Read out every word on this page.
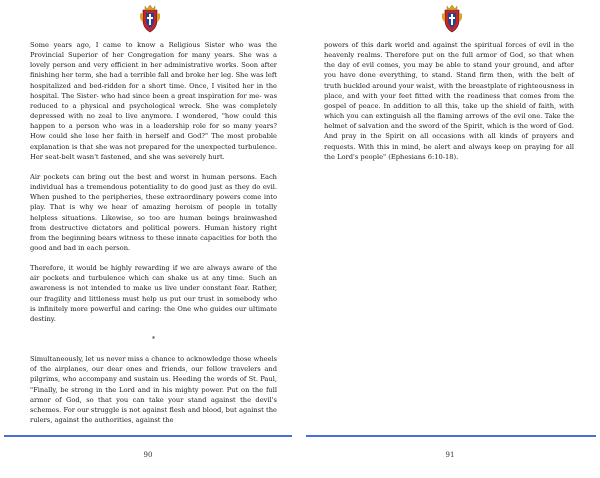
Some years ago, I came to know a Religious Sister who was the Provincial Superior of her Congregation for many years. She was a lovely person and very efficient in her administrative works. Soon after finishing her term, she had a terrible fall and broke her leg. She was left hospitalized and bed-ridden for a short time. Once, I visited her in the hospital. The Sister- who had since been a great inspiration for me- was reduced to a physical and psychological wreck. She was completely depressed with no zeal to live anymore. I wondered, "how could this happen to a person who was in a leadership role for so many years? How could she lose her faith in herself and God?" The most probable explanation is that she was not prepared for the unexpected turbulence. Her seat-belt wasn't fastened, and she was severely hurt.

Air pockets can bring out the best and worst in human persons. Each individual has a tremendous potentiality to do good just as they do evil. When pushed to the peripheries, these extraordinary powers come into play. That is why we hear of amazing heroism of people in totally helpless situations. Likewise, so too are human beings brainwashed from destructive dictators and political powers. Human history right from the beginning bears witness to these innate capacities for both the good and bad in each person.

Therefore, it would be highly rewarding if we are always aware of the air pockets and turbulence which can shake us at any time. Such an awareness is not intended to make us live under constant fear. Rather, our fragility and littleness must help us put our trust in somebody who is infinitely more powerful and caring: the One who guides our ultimate destiny.

*

Simultaneously, let us never miss a chance to acknowledge those wheels of the airplanes, our dear ones and friends, our fellow travelers and pilgrims, who accompany and sustain us. Heeding the words of St. Paul, "Finally, be strong in the Lord and in his mighty power. Put on the full armor of God, so that you can take your stand against the devil's schemes. For our struggle is not against flesh and blood, but against the rulers, against the authorities, against the

90

powers of this dark world and against the spiritual forces of evil in the heavenly realms. Therefore put on the full armor of God, so that when the day of evil comes, you may be able to stand your ground, and after you have done everything, to stand. Stand firm then, with the belt of truth buckled around your waist, with the breastplate of righteousness in place, and with your feet fitted with the readiness that comes from the gospel of peace. In addition to all this, take up the shield of faith, with which you can extinguish all the flaming arrows of the evil one. Take the helmet of salvation and the sword of the Spirit, which is the word of God. And pray in the Spirit on all occasions with all kinds of prayers and requests. With this in mind, be alert and always keep on praying for all the Lord's people" (Ephesians 6:10-18).

91
